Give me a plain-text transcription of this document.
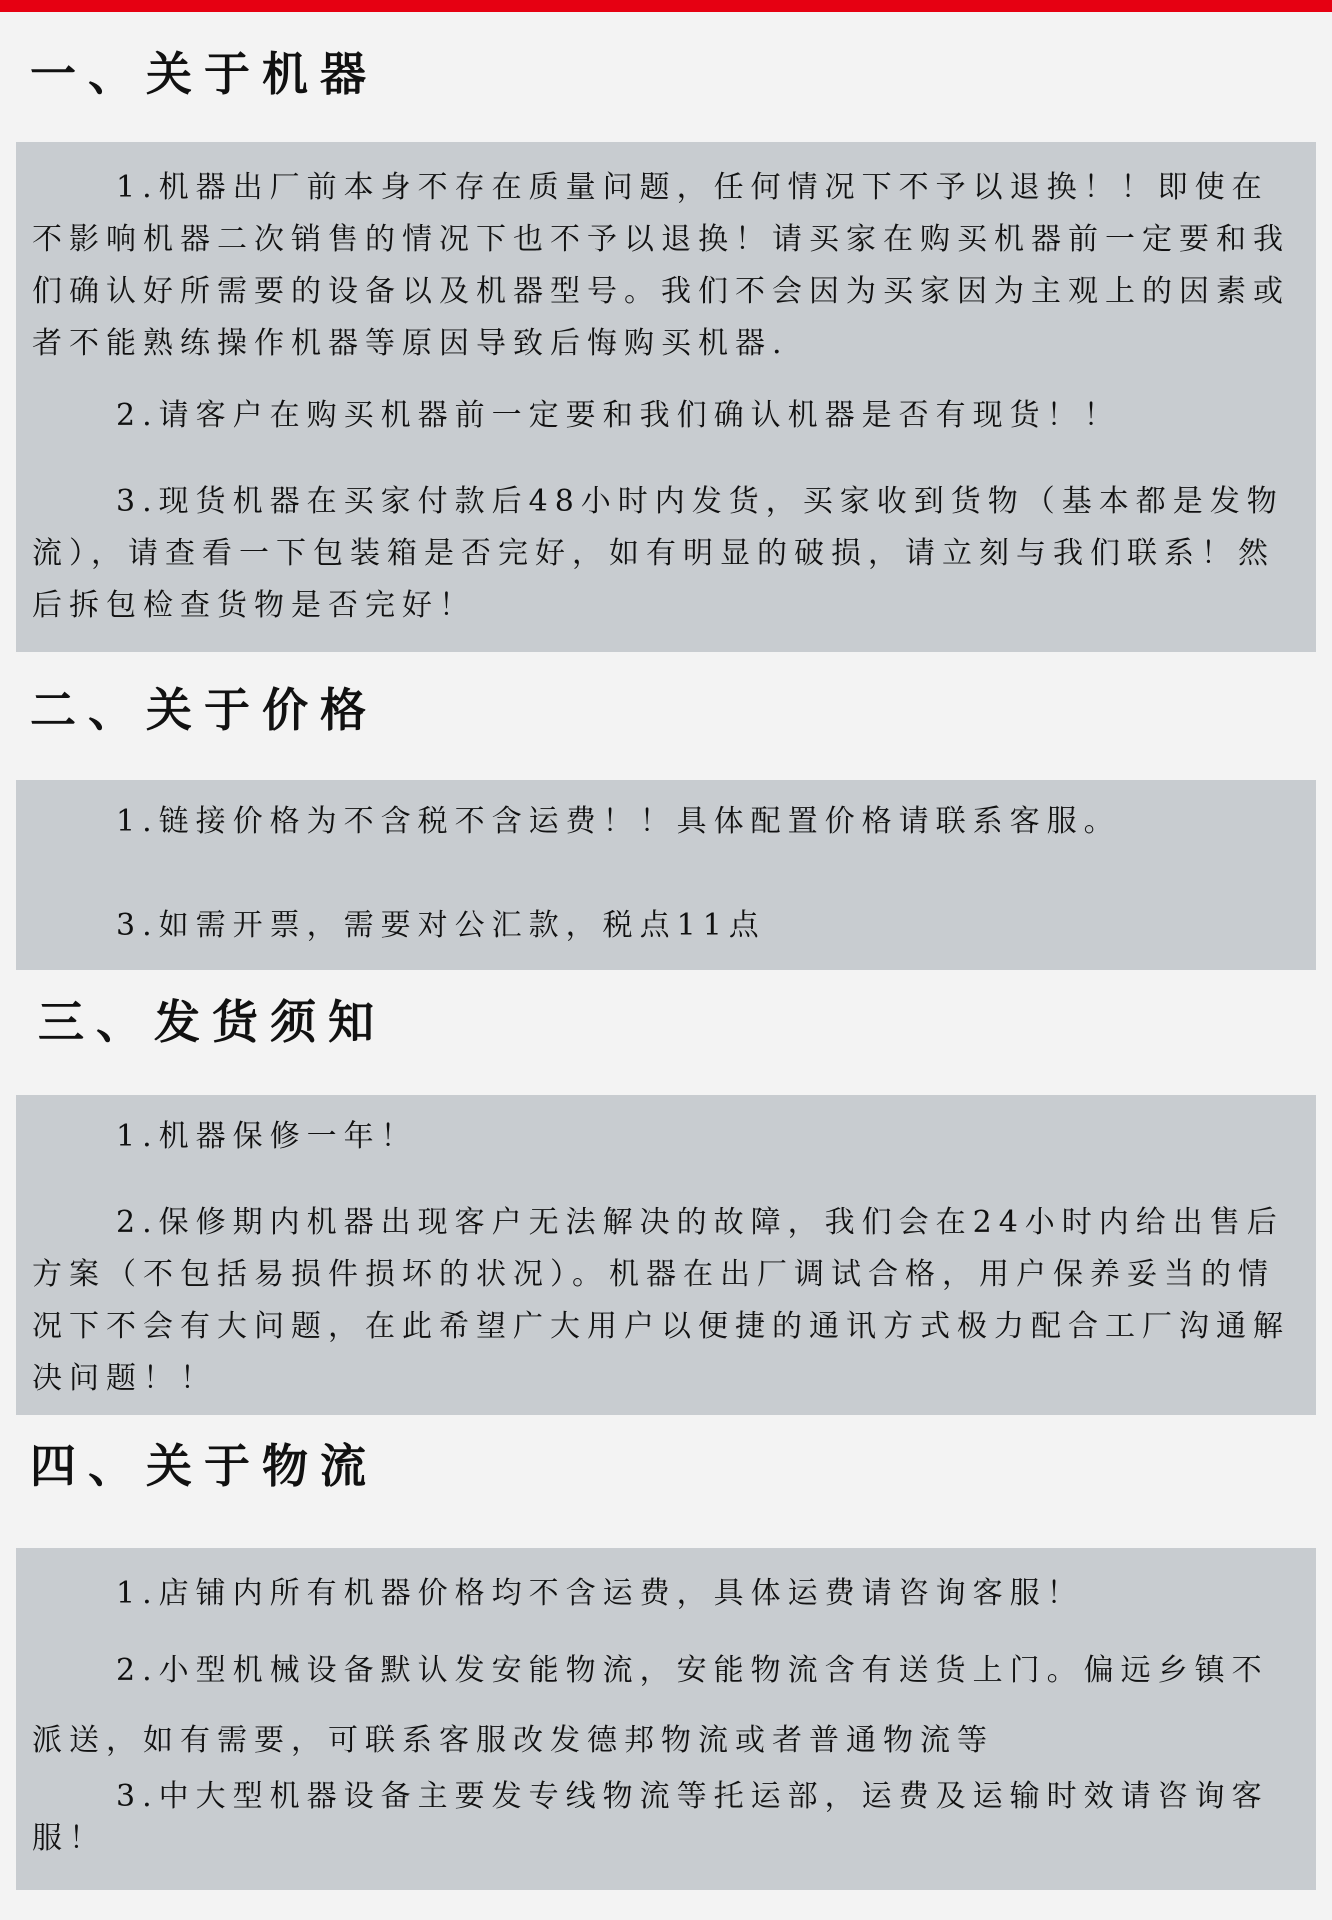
一、关于机器

1.机器出厂前本身不存在质量问题，任何情况下不予以退换！！即使在不影响机器二次销售的情况下也不予以退换！请买家在购买机器前一定要和我们确认好所需要的设备以及机器型号。我们不会因为买家因为主观上的因素或者不能熟练操作机器等原因导致后悔购买机器.

2.请客户在购买机器前一定要和我们确认机器是否有现货！！

3.现货机器在买家付款后48小时内发货，买家收到货物（基本都是发物流），请查看一下包装箱是否完好，如有明显的破损，请立刻与我们联系！然后拆包检查货物是否完好！

二、关于价格

1.链接价格为不含税不含运费！！具体配置价格请联系客服。

3.如需开票，需要对公汇款，税点11点

三、发货须知

1.机器保修一年！

2.保修期内机器出现客户无法解决的故障，我们会在24小时内给出售后方案（不包括易损件损坏的状况）。机器在出厂调试合格，用户保养妥当的情况下不会有大问题，在此希望广大用户以便捷的通讯方式极力配合工厂沟通解决问题！！

四、关于物流

1.店铺内所有机器价格均不含运费，具体运费请咨询客服！

2.小型机械设备默认发安能物流，安能物流含有送货上门。偏远乡镇不派送，如有需要，可联系客服改发德邦物流或者普通物流等

3.中大型机器设备主要发专线物流等托运部，运费及运输时效请咨询客服！
